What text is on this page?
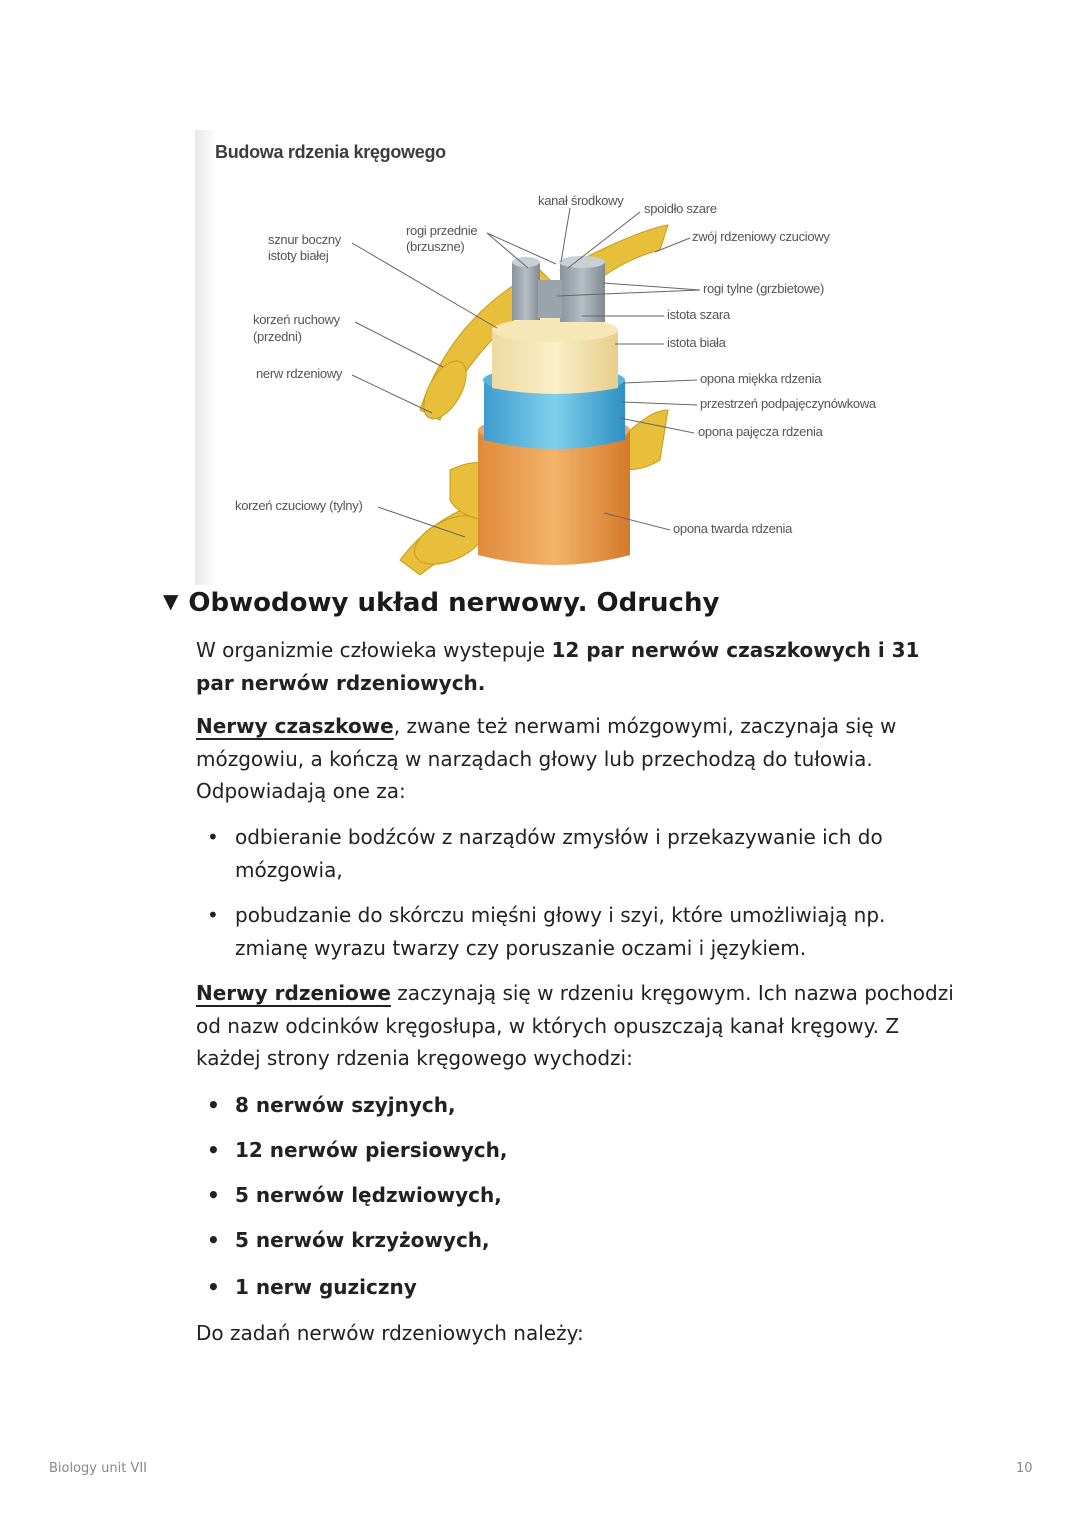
Budowa rdzenia kręgowego
kanał środkowy
spoidło szare
sznur boczny
istoty białej
rogi przednie
(brzuszne)
zwój rdzeniowy czuciowy
rogi tylne (grzbietowe)
istota szara
istota biała
korzeń ruchowy
(przedni)
nerw rdzeniowy	opona miękka rdzenia
przestrzeń podpajęczynówkowa
opona pajęcza rdzenia
korzeń czuciowy (tylny)
opona twarda rdzenia
▼ Obwodowy układ nerwowy. Odruchy
W organizmie człowieka wystepuje 12 par nerwów czaszkowych i 31 par nerwów rdzeniowych.
Nerwy czaszkowe, zwane też nerwami mózgowymi, zaczynaja się w mózgowiu, a kończą w narządach głowy lub przechodzą do tułowia. Odpowiadają one za:
• odbieranie bodźców z narządów zmysłów i przekazywanie ich do mózgowia,
• pobudzanie do skórczu mięśni głowy i szyi, które umożliwiają np. zmianę wyrazu twarzy czy poruszanie oczami i językiem.
Nerwy rdzeniowe zaczynają się w rdzeniu kręgowym. Ich nazwa pochodzi od nazw odcinków kręgosłupa, w których opuszczają kanał kręgowy. Z każdej strony rdzenia kręgowego wychodzi:
• 8 nerwów szyjnych,
• 12 nerwów piersiowych,
• 5 nerwów lędzwiowych,
• 5 nerwów krzyżowych,
• 1 nerw guziczny
Do zadań nerwów rdzeniowych należy:
Biology unit VII	10
